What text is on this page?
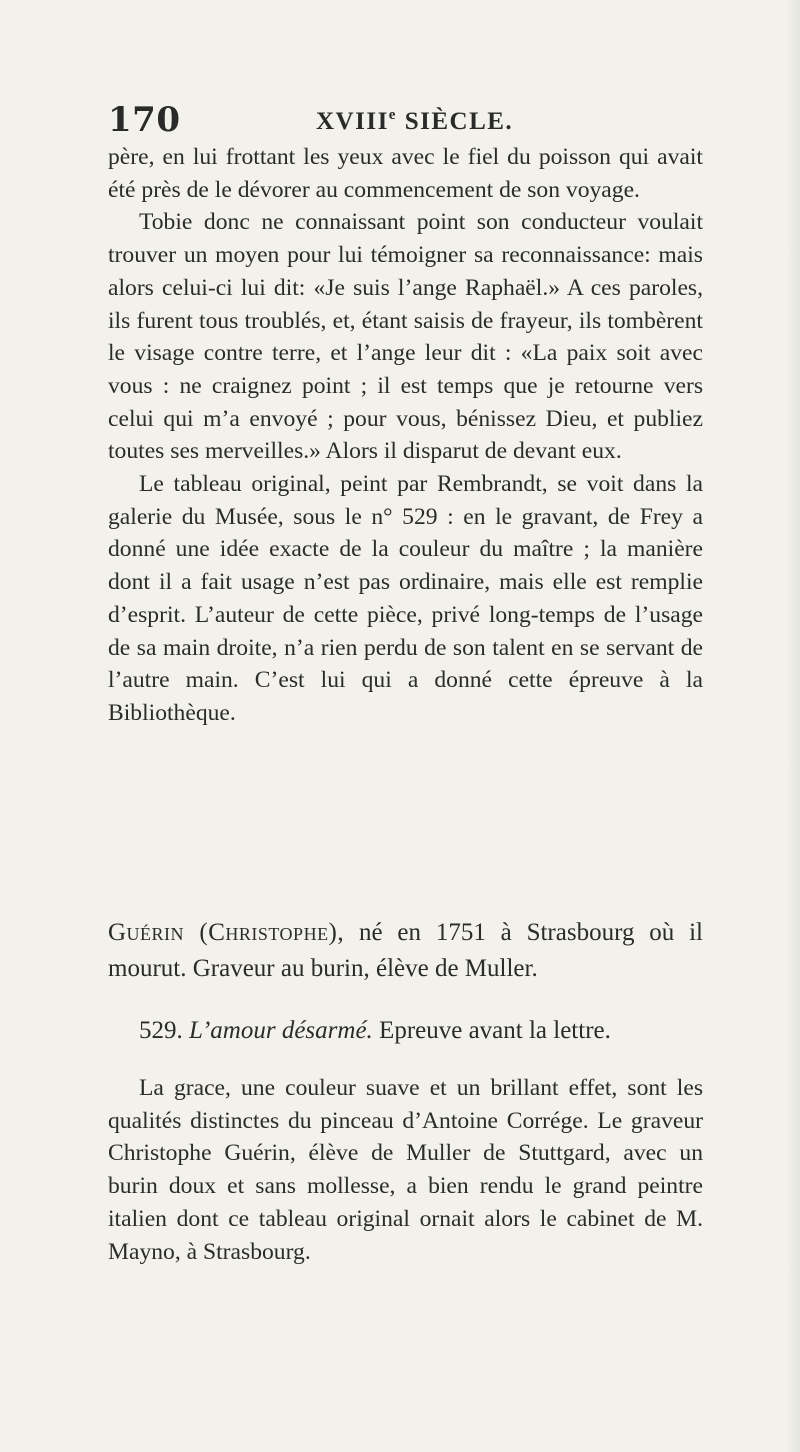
170	XVIIIe SIÈCLE.

père, en lui frottant les yeux avec le fiel du poisson qui avait été près de le dévorer au commencement de son voyage.

Tobie donc ne connaissant point son conducteur voulait trouver un moyen pour lui témoigner sa reconnaissance: mais alors celui-ci lui dit: «Je suis l’ange Raphaël.» A ces paroles, ils furent tous troublés, et, étant saisis de frayeur, ils tombèrent le visage contre terre, et l’ange leur dit : «La paix soit avec vous : ne craignez point ; il est temps que je retourne vers celui qui m’a envoyé ; pour vous, bénissez Dieu, et publiez toutes ses merveilles.» Alors il disparut de devant eux.

Le tableau original, peint par Rembrandt, se voit dans la galerie du Musée, sous le n° 529 : en le gravant, de Frey a donné une idée exacte de la couleur du maître ; la manière dont il a fait usage n’est pas ordinaire, mais elle est remplie d’esprit. L’auteur de cette pièce, privé long-temps de l’usage de sa main droite, n’a rien perdu de son talent en se servant de l’autre main. C’est lui qui a donné cette épreuve à la Bibliothèque.

Guérin (Christophe), né en 1751 à Strasbourg où il mourut. Graveur au burin, élève de Muller.

529. L’amour désarmé. Epreuve avant la lettre.

La grace, une couleur suave et un brillant effet, sont les qualités distinctes du pinceau d’Antoine Corrége. Le graveur Christophe Guérin, élève de Muller de Stuttgard, avec un burin doux et sans mollesse, a bien rendu le grand peintre italien dont ce tableau original ornait alors le cabinet de M. Mayno, à Strasbourg.
